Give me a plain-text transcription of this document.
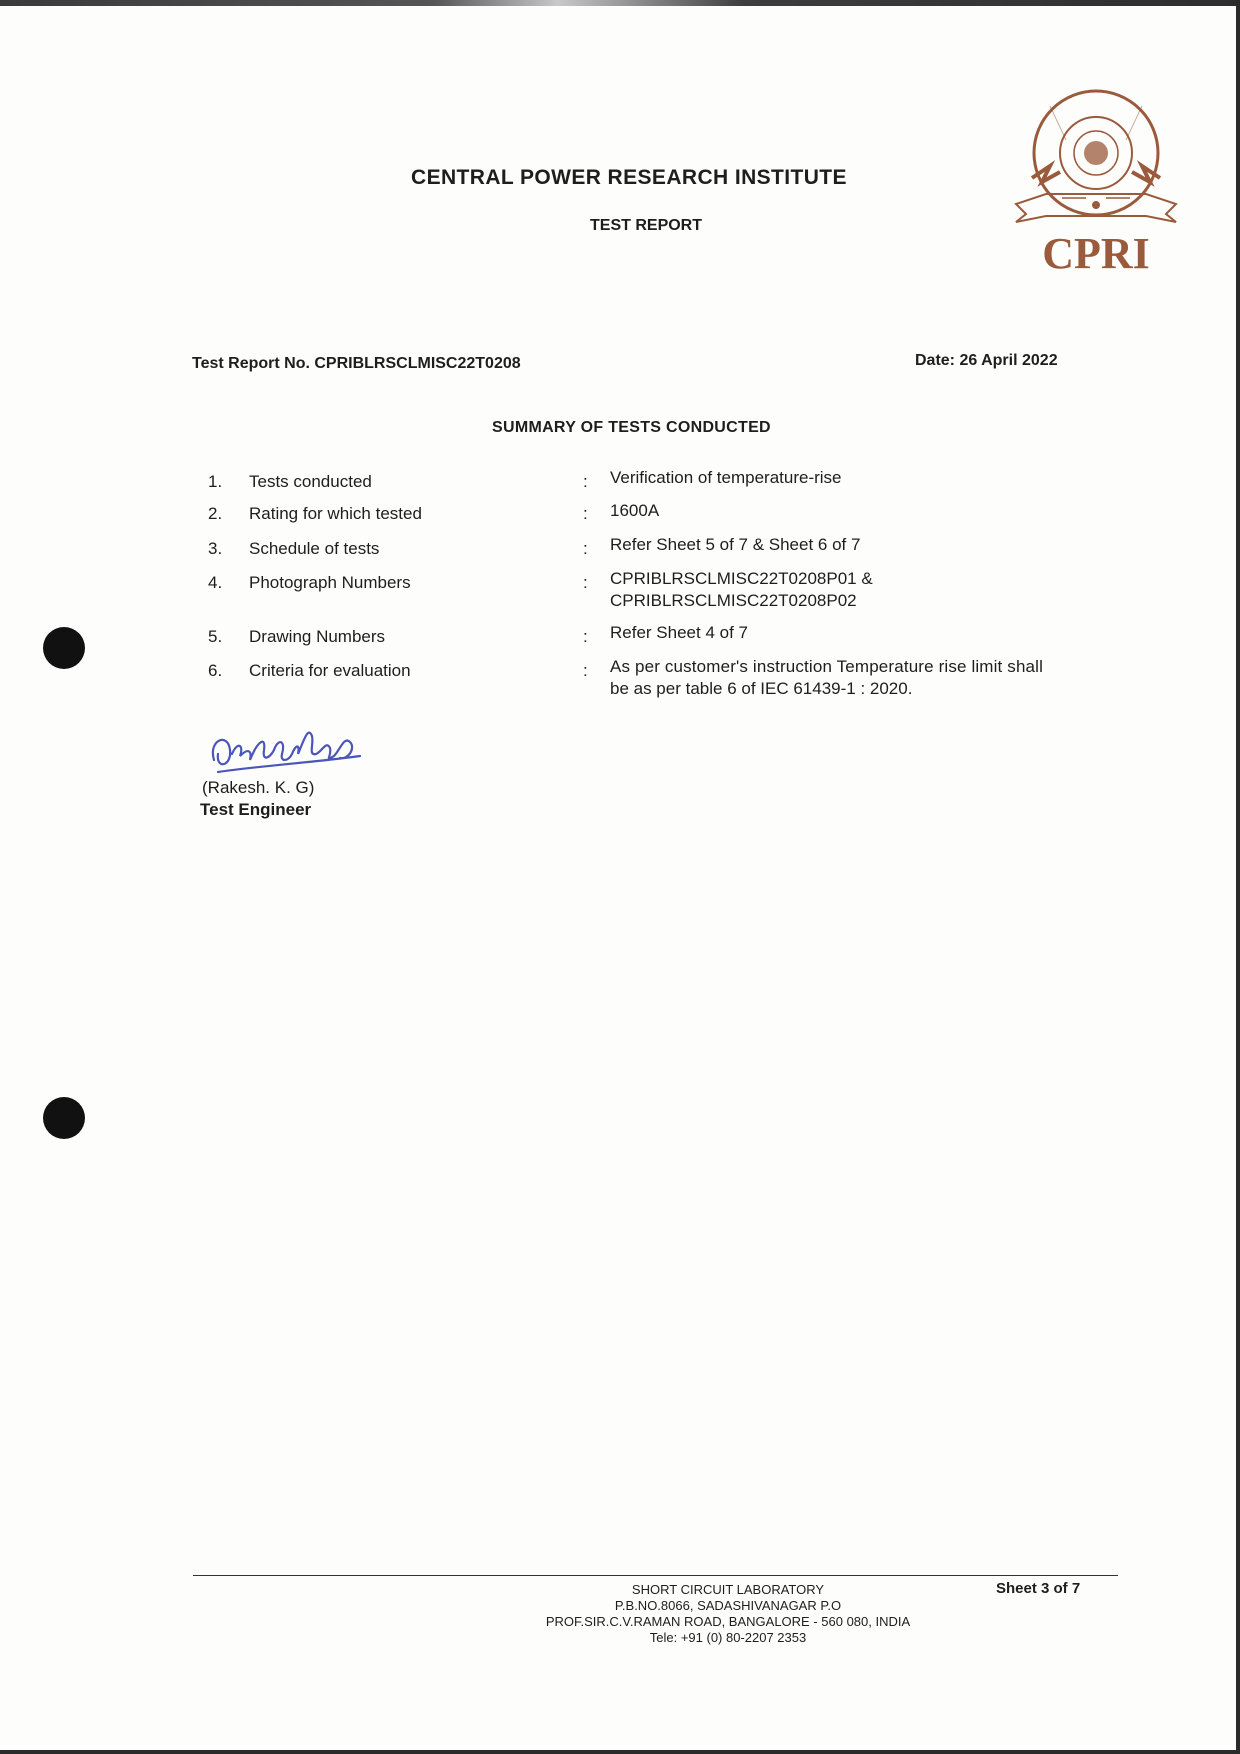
CENTRAL POWER RESEARCH INSTITUTE
TEST REPORT
CPRI
Test Report No. CPRIBLRSCLMISC22T0208	Date: 26 April 2022
SUMMARY OF TESTS CONDUCTED
1. Tests conducted	: Verification of temperature-rise
2. Rating for which tested	: 1600A
3. Schedule of tests	: Refer Sheet 5 of 7 & Sheet 6 of 7
4. Photograph Numbers	: CPRIBLRSCLMISC22T0208P01 &
CPRIBLRSCLMISC22T0208P02
5. Drawing Numbers	: Refer Sheet 4 of 7
6. Criteria for evaluation	: As per customer's instruction Temperature rise limit shall
be as per table 6 of IEC 61439-1 : 2020.
(Rakesh. K. G)
Test Engineer
SHORT CIRCUIT LABORATORY
P.B.NO.8066, SADASHIVANAGAR P.O
PROF.SIR.C.V.RAMAN ROAD, BANGALORE - 560 080, INDIA
Tele: +91 (0) 80-2207 2353
Sheet 3 of 7
